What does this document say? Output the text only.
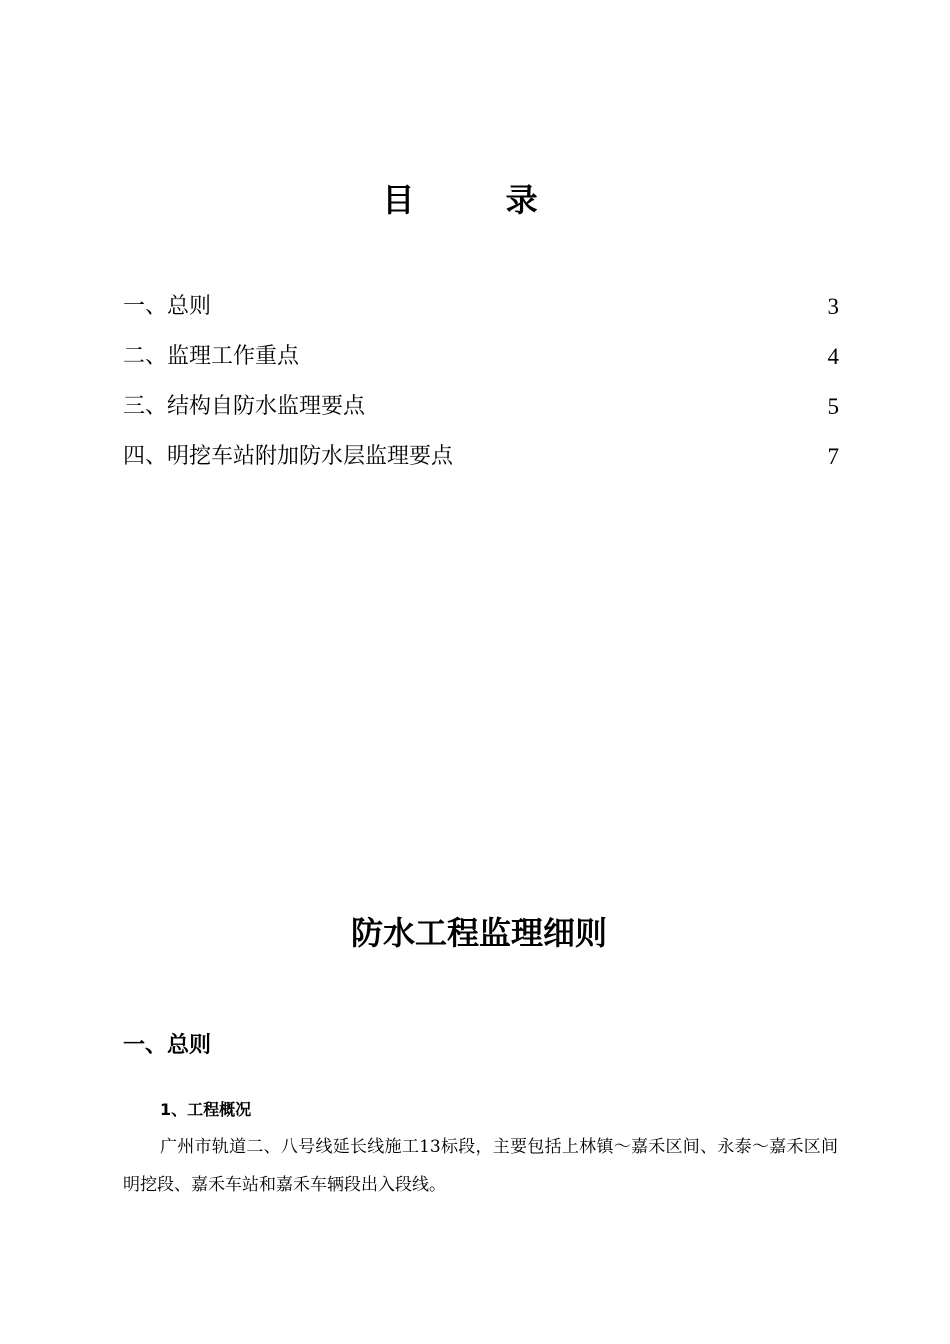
目 录
一、总则	3
二、监理工作重点	4
三、结构自防水监理要点	5
四、明挖车站附加防水层监理要点	7
防水工程监理细则
一、总则
1、工程概况

广州市轨道二、八号线延长线施工13标段，主要包括上林镇～嘉禾区间、永泰～嘉禾区间明挖段、嘉禾车站和嘉禾车辆段出入段线。
